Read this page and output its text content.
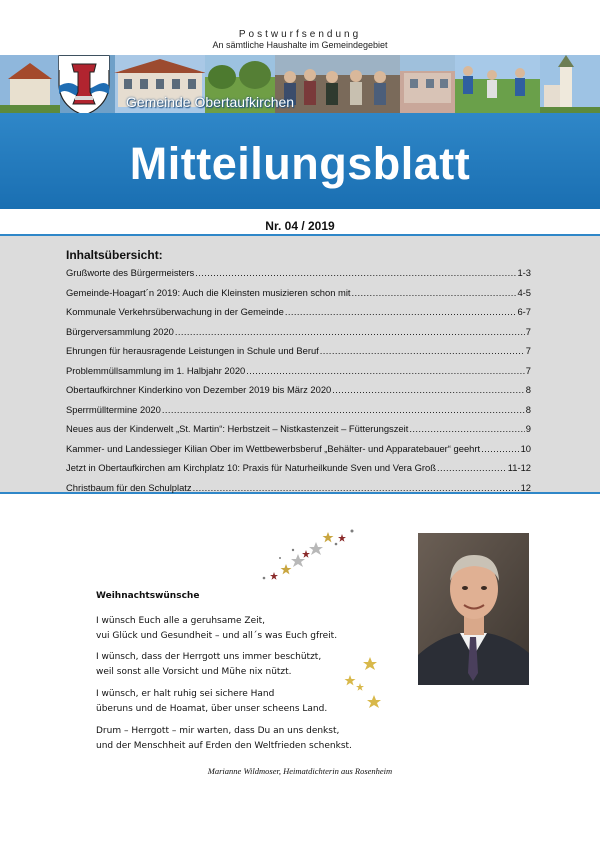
Postwurfsendung
An sämtliche Haushalte im Gemeindegebiet
Gemeinde Obertaufkirchen
Mitteilungsblatt
Nr. 04 / 2019
Inhaltsübersicht:
Grußworte des Bürgermeisters .....	1-3
Gemeinde-Hoagart´n 2019: Auch die Kleinsten musizieren schon mit .....	4-5
Kommunale Verkehrsüberwachung in der Gemeinde .....	6-7
Bürgerversammlung 2020 .....	7
Ehrungen für herausragende Leistungen in Schule und Beruf .....	7
Problemmüllsammlung im 1. Halbjahr 2020 .....	7
Obertaufkirchner Kinderkino von Dezember 2019 bis März 2020 .....	8
Sperrmülltermine 2020 .....	8
Neues aus der Kinderwelt „St. Martin“: Herbstzeit – Nistkastenzeit – Fütterungszeit .....	9
Kammer- und Landessieger Kilian Ober im Wettbewerbsberuf „Behälter- und Apparatebauer“ geehrt .....	10
Jetzt in Obertaufkirchen am Kirchplatz 10: Praxis für Naturheilkunde Sven und Vera Groß .....	11-12
Christbaum für den Schulplatz .....	12
Weihnachtswünsche
I wünsch Euch alle a geruhsame Zeit,
vui Glück und Gesundheit – und all´s was Euch gfreit.
I wünsch, dass der Herrgott uns immer beschützt,
weil sonst alle Vorsicht und Mühe nix nützt.
I wünsch, er halt ruhig sei sichere Hand
überuns und de Hoamat, über unser scheens Land.
Drum – Herrgott – mir warten, dass Du an uns denkst,
und der Menschheit auf Erden den Weltfrieden schenkst.
Marianne Wildmoser, Heimatdichterin aus Rosenheim
